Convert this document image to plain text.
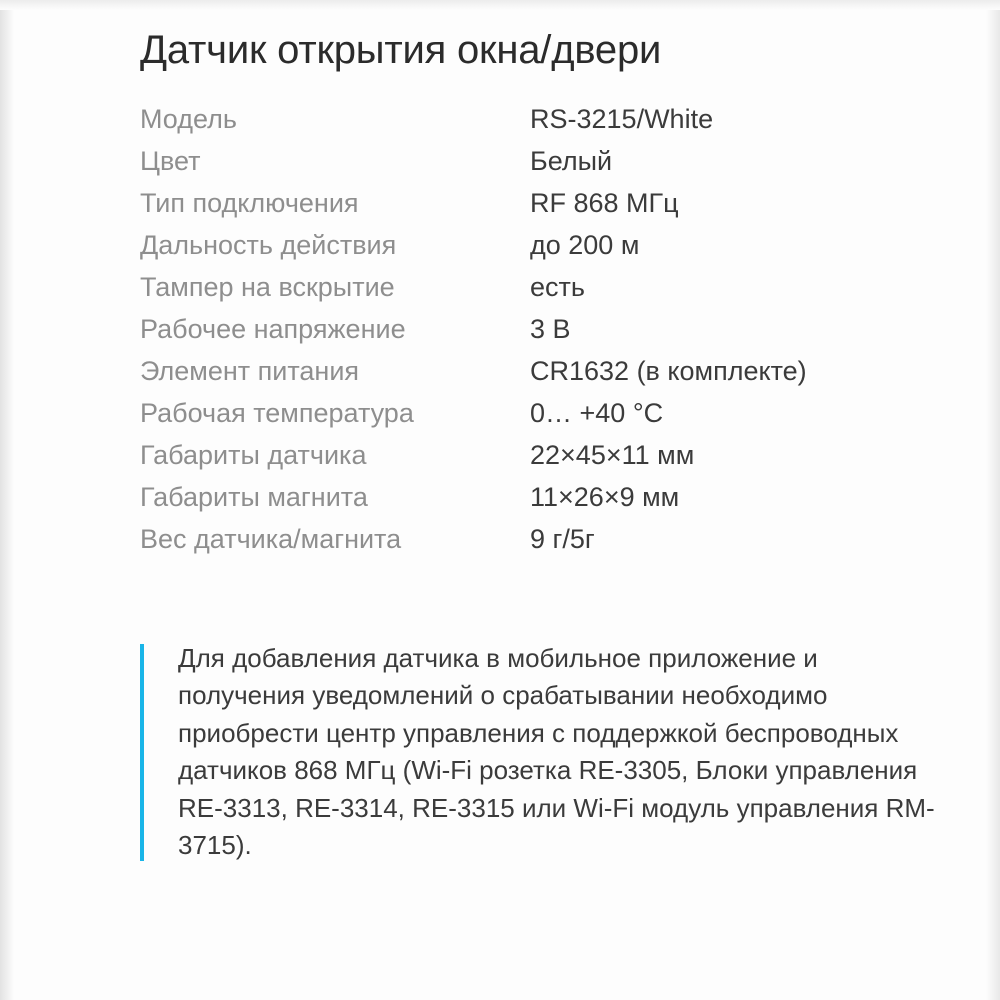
Датчик открытия окна/двери
Модель	RS-3215/White
Цвет	Белый
Тип подключения	RF 868 МГц
Дальность действия	до 200 м
Тампер на вскрытие	есть
Рабочее напряжение	3 В
Элемент питания	CR1632 (в комплекте)
Рабочая температура	0… +40 °C
Габариты датчика	22×45×11 мм
Габариты магнита	11×26×9 мм
Вес датчика/магнита	9 г/5г
Для добавления датчика в мобильное приложение и получения уведомлений о срабатывании необходимо приобрести центр управления с поддержкой беспроводных датчиков 868 МГц (Wi-Fi розетка RE-3305, Блоки управления RE-3313, RE-3314, RE-3315 или Wi-Fi модуль управления RM-3715).
